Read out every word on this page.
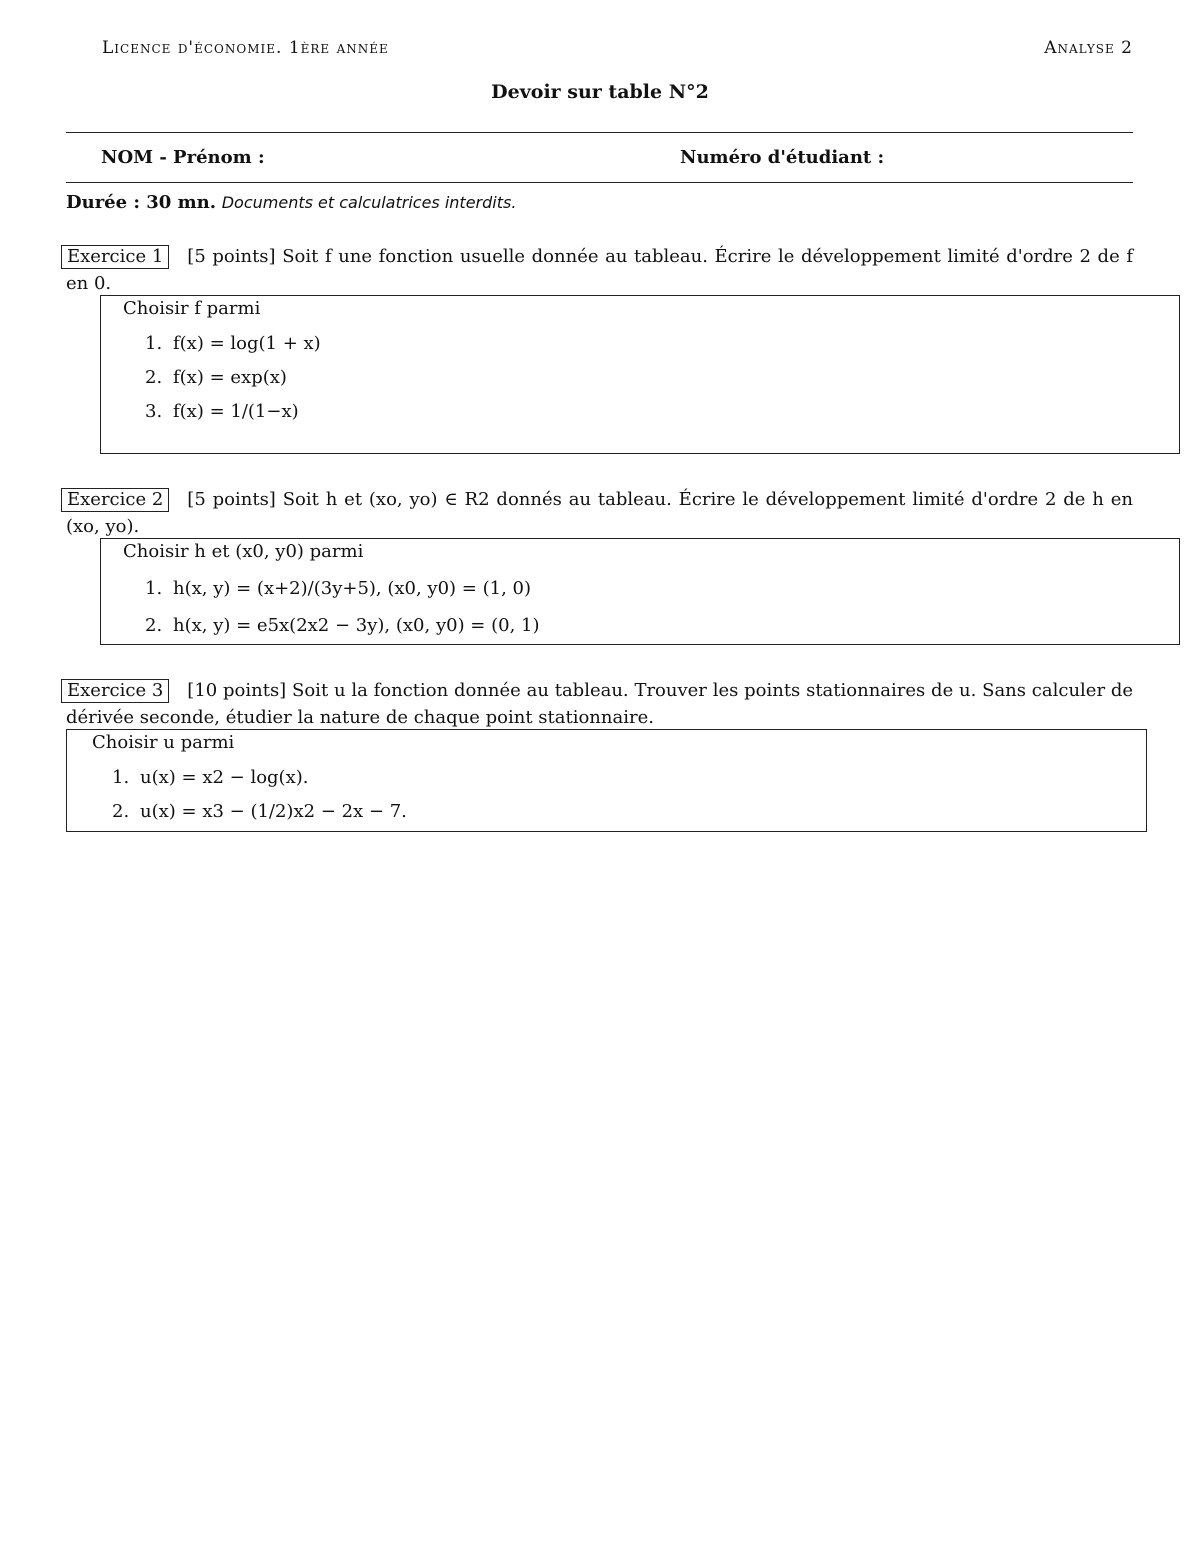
Licence d'économie. 1ère année	Analyse 2
Devoir sur table N°2
NOM - Prénom :	Numéro d'étudiant :
Durée : 30 mn. Documents et calculatrices interdits.
Exercice 1 [5 points] Soit f une fonction usuelle donnée au tableau. Écrire le développement limité d'ordre 2 de f en 0.
Choisir f parmi
1. f(x) = log(1 + x)
2. f(x) = exp(x)
3. f(x) = 1/(1−x)
Exercice 2 [5 points] Soit h et (xo, yo) ∈ R2 donnés au tableau. Écrire le développement limité d'ordre 2 de h en (xo, yo).
Choisir h et (x0, y0) parmi
1. h(x, y) = (x+2)/(3y+5), (x0, y0) = (1, 0)
2. h(x, y) = e5x(2x2 − 3y), (x0, y0) = (0, 1)
Exercice 3 [10 points] Soit u la fonction donnée au tableau. Trouver les points stationnaires de u. Sans calculer de dérivée seconde, étudier la nature de chaque point stationnaire.
Choisir u parmi
1. u(x) = x2 − log(x).
2. u(x) = x3 − (1/2)x2 − 2x − 7.
